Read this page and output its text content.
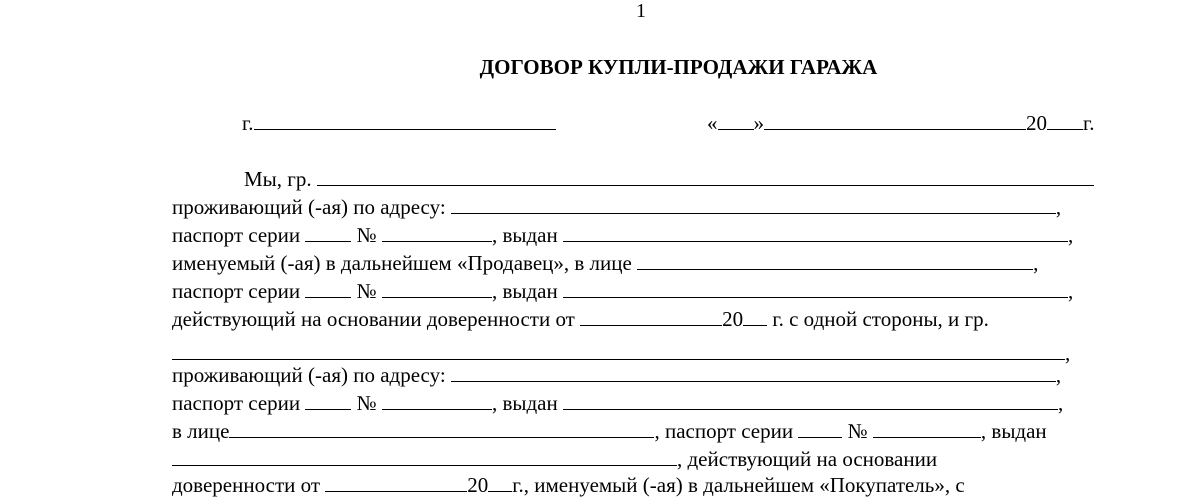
1
ДОГОВОР КУПЛИ-ПРОДАЖИ ГАРАЖА
г.	« »	20 г.
Мы, гр.
проживающий (-ая) по адресу:	,
паспорт серии	№	, выдан	,
именуемый (-ая) в дальнейшем «Продавец», в лице	,
паспорт серии	№	, выдан	,
действующий на основании доверенности от	20 г. с одной стороны, и гр.
,
проживающий (-ая) по адресу:	,
паспорт серии	№	, выдан	,
в лице	, паспорт серии	№	, выдан
, действующий на основании
доверенности от	20 г., именуемый (-ая) в дальнейшем «Покупатель», с
